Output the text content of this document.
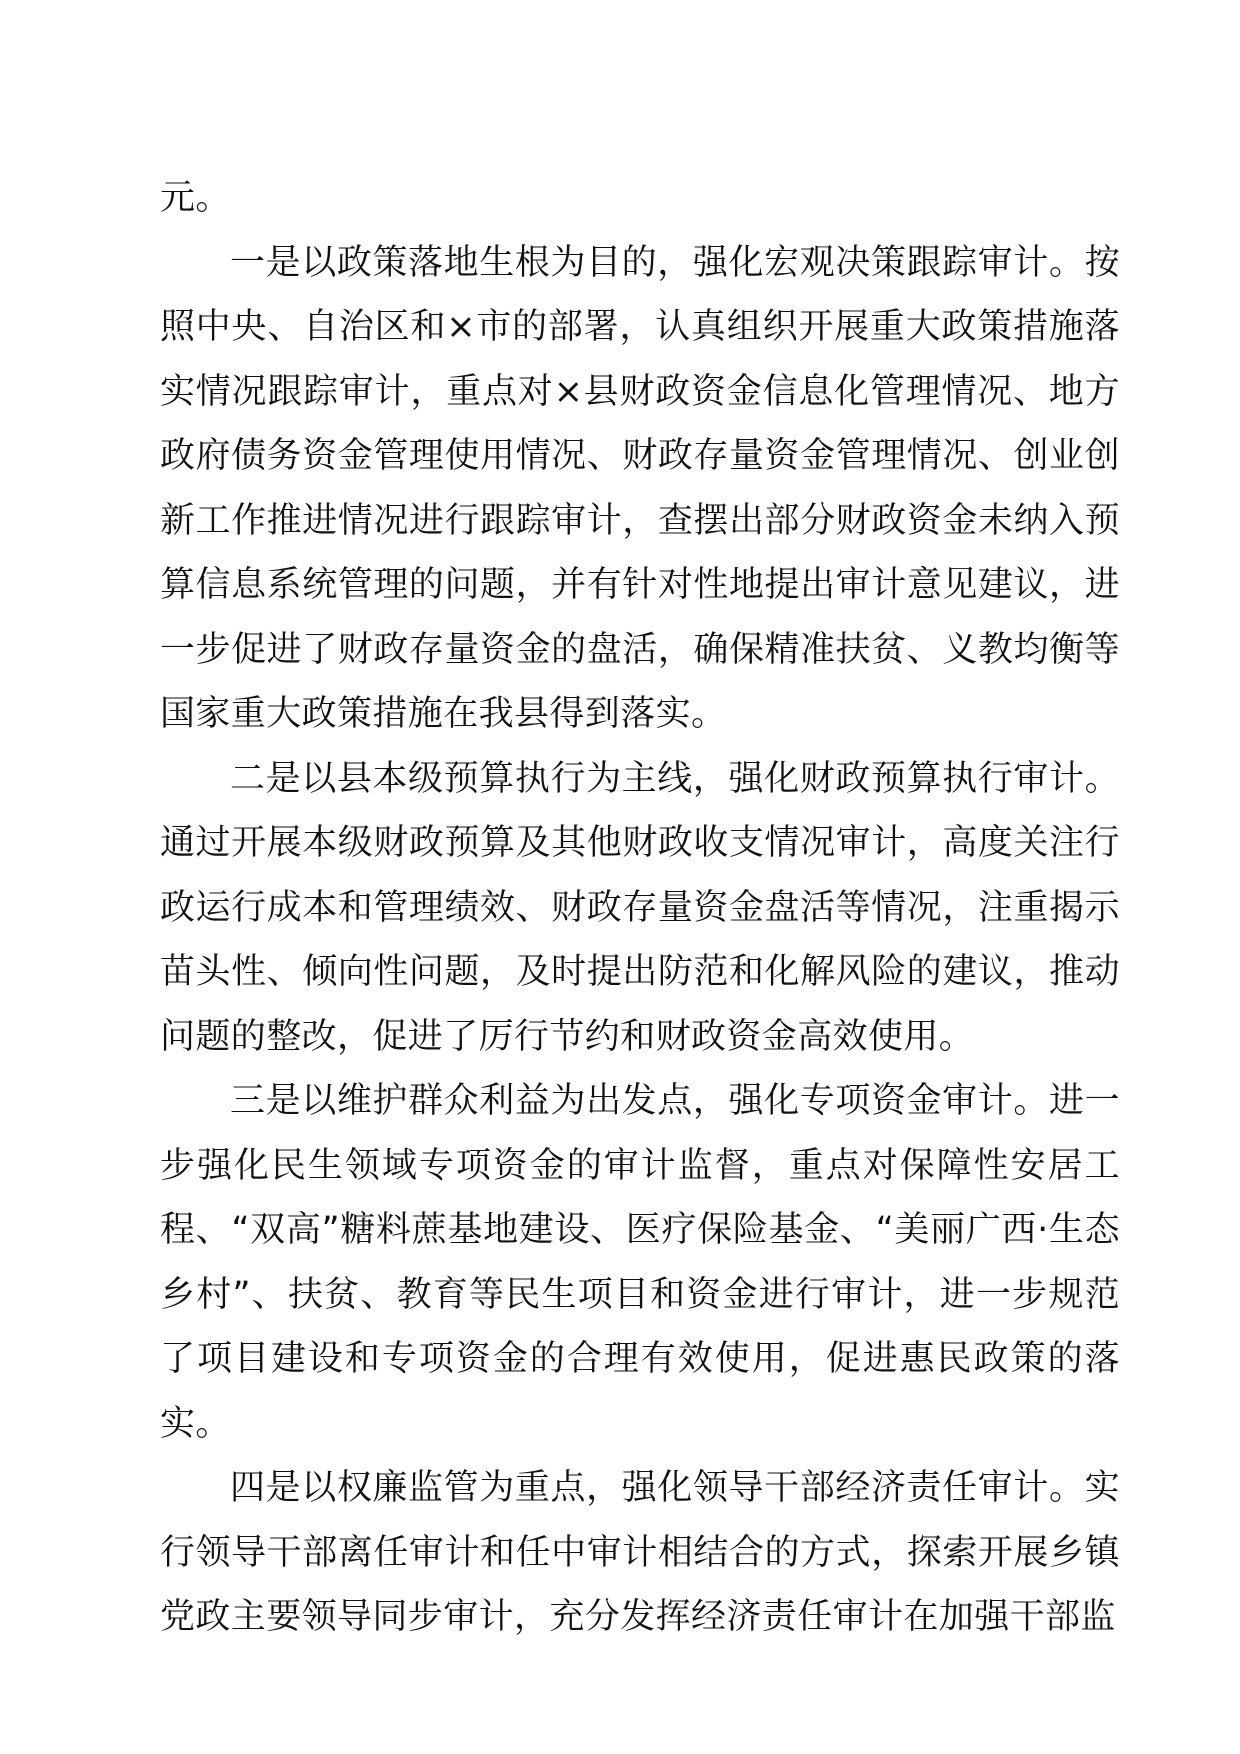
元。

一是以政策落地生根为目的，强化宏观决策跟踪审计。按照中央、自治区和×市的部署，认真组织开展重大政策措施落实情况跟踪审计，重点对×县财政资金信息化管理情况、地方政府债务资金管理使用情况、财政存量资金管理情况、创业创新工作推进情况进行跟踪审计，查摆出部分财政资金未纳入预算信息系统管理的问题，并有针对性地提出审计意见建议，进一步促进了财政存量资金的盘活，确保精准扶贫、义教均衡等国家重大政策措施在我县得到落实。

二是以县本级预算执行为主线，强化财政预算执行审计。通过开展本级财政预算及其他财政收支情况审计，高度关注行政运行成本和管理绩效、财政存量资金盘活等情况，注重揭示苗头性、倾向性问题，及时提出防范和化解风险的建议，推动问题的整改，促进了厉行节约和财政资金高效使用。

三是以维护群众利益为出发点，强化专项资金审计。进一步强化民生领域专项资金的审计监督，重点对保障性安居工程、“双高”糖料蔗基地建设、医疗保险基金、“美丽广西·生态乡村”、扶贫、教育等民生项目和资金进行审计，进一步规范了项目建设和专项资金的合理有效使用，促进惠民政策的落实。

四是以权廉监管为重点，强化领导干部经济责任审计。实行领导干部离任审计和任中审计相结合的方式，探索开展乡镇党政主要领导同步审计，充分发挥经济责任审计在加强干部监
